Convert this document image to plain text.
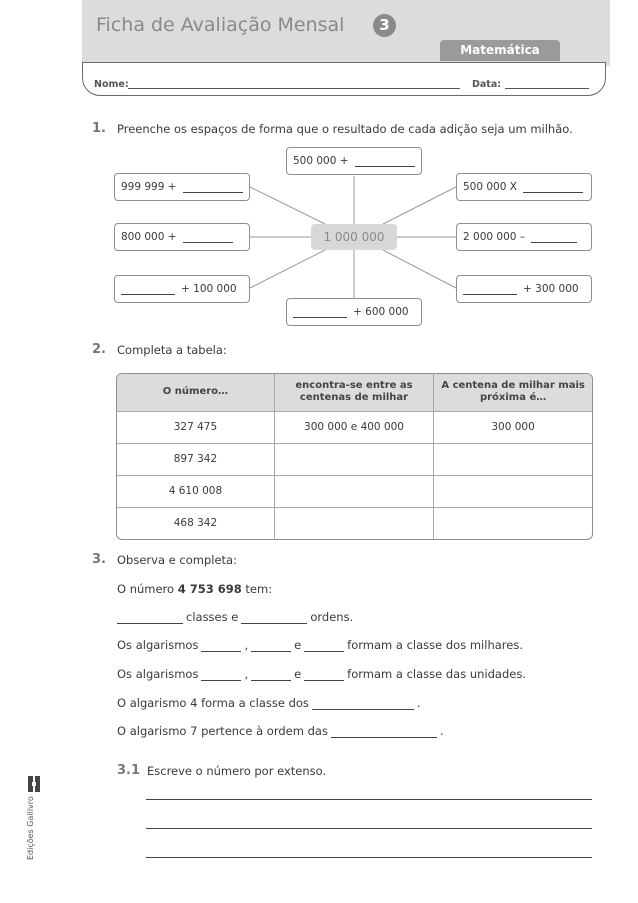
Ficha de Avaliação Mensal	3
Matemática
Nome:	Data:
1. Preenche os espaços de forma que o resultado de cada adição seja um milhão.
500 000 +
999 999 +
800 000 +
+ 100 000
1 000 000
+ 600 000
500 000 X
2 000 000 –
+ 300 000
2. Completa a tabela:
O número…	encontra-se entre as centenas de milhar	A centena de milhar mais próxima é…
327 475	300 000 e 400 000	300 000
897 342		
4 610 008		
468 342		
3. Observa e completa:
O número
4 753 698
tem:
classes e	ordens.
Os algarismos	,	e	formam a classe dos milhares.
Os algarismos	,	e	formam a classe das unidades.
O algarismo 4 forma a classe dos	.
O algarismo 7 pertence à ordem das	.
3.1 Escreve o número por extenso.
Edições Gailivro
